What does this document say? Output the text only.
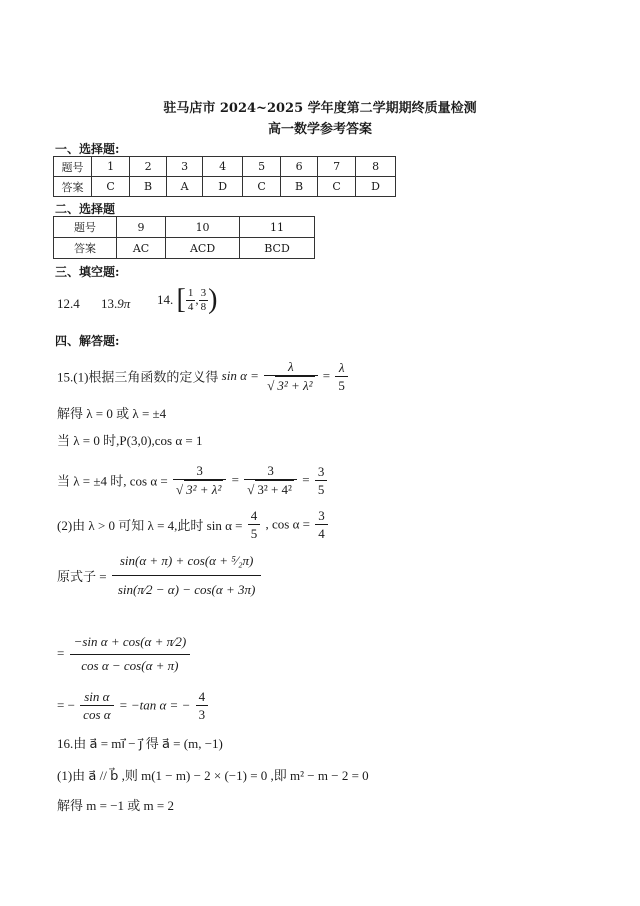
驻马店市 2024~2025 学年度第二学期期终质量检测
高一数学参考答案
一、选择题:
题号	1	2	3	4	5	6	7	8
答案	C	B	A	D	C	B	C	D
二、选择题
题号	9	10	11
答案	AC	ACD	BCD
三、填空题:
12.4 13.9π 14. [ $\frac{1}{4}$ , $\frac{3}{8}$ )
四、解答题:
15.(1)根据三角函数的定义得 $\sin \alpha = \frac{\lambda}{\text{√ 3² + λ²}} = \frac{\lambda}{5}$
解得 λ = 0 或 λ = ±4
当 λ = 0 时,P(3,0),cos α = 1
当 λ = ±4 时, $\cos \alpha = \frac{3}{\text{√ 3² + λ²}} = \frac{3}{\text{√ 3² + 4²}} = \frac{3}{5}$
(2)由 λ > 0 可知 λ = 4,此时 $\sin \alpha = \frac{4}{5}$ , $\cos \alpha = \frac{3}{4}$
原式子 = $\frac{\text{sin(α + π) + cos(α + ⁵⁄₂π)}}{\sin(\pi⁄2 - \alpha) - \cos(\alpha + 3\pi)}$
= $\frac{\text{−sin α + cos(α + π⁄2)}}{\text{cos α − cos(α + π)}}$
= − $\frac{\text{sin α}}{\text{cos α}} = -\tan$ α = − $\frac{4}{3}$
16.由 a⃗ = mi⃗ − j⃗ 得 a⃗ = (m, −1)
(1)由 a⃗ // b⃗ ,则 m(1 − m) − 2 × (−1) = 0 ,即 m² − m − 2 = 0
解得 m = −1 或 m = 2
